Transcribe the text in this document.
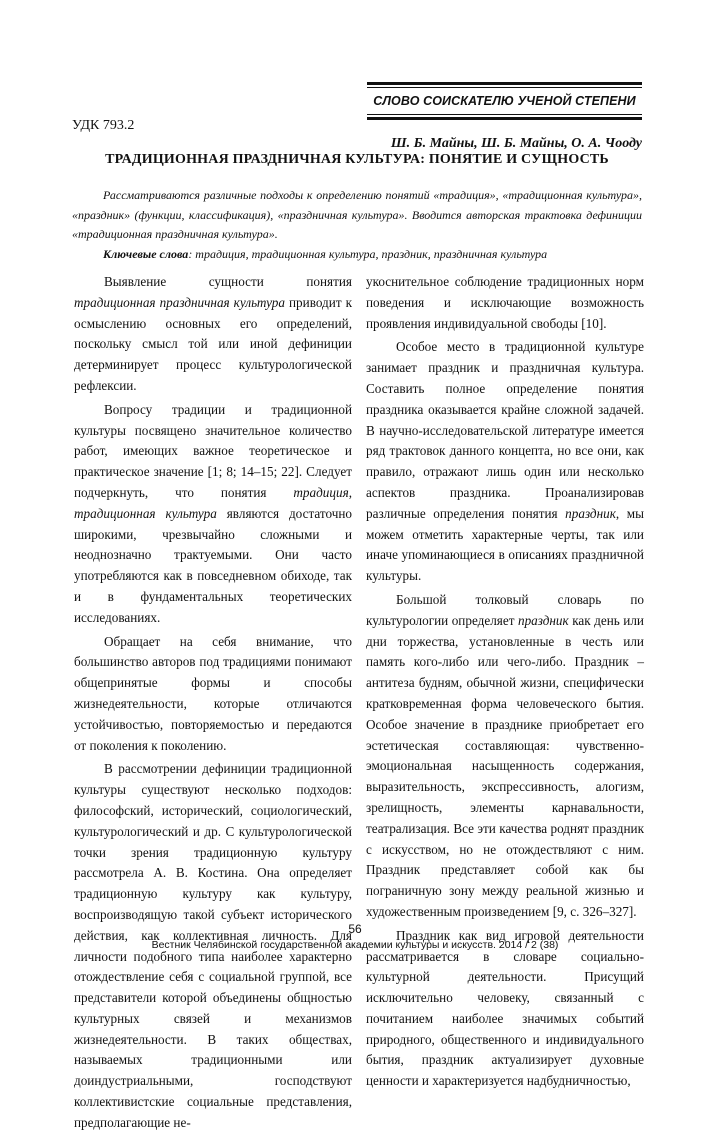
СЛОВО СОИСКАТЕЛЮ УЧЕНОЙ СТЕПЕНИ
УДК 793.2
Ш. Б. Майны, Ш. Б. Майны, О. А. Чооду
ТРАДИЦИОННАЯ ПРАЗДНИЧНАЯ КУЛЬТУРА: ПОНЯТИЕ И СУЩНОСТЬ

Рассматриваются различные подходы к определению понятий «традиция», «традиционная культура», «праздник» (функции, классификация), «праздничная культура». Вводится авторская трактовка дефиниции «традиционная праздничная культура».

Ключевые слова: традиция, традиционная культура, праздник, праздничная культура

Выявление сущности понятия традиционная праздничная культура приводит к осмыслению основных его определений, поскольку смысл той или иной дефиниции детерминирует процесс культурологической рефлексии.

Вопросу традиции и традиционной культуры посвящено значительное количество работ, имеющих важное теоретическое и практическое значение [1; 8; 14–15; 22]. Следует подчеркнуть, что понятия традиция, традиционная культура являются достаточно широкими, чрезвычайно сложными и неоднозначно трактуемыми. Они часто употребляются как в повседневном обиходе, так и в фундаментальных теоретических исследованиях.

Обращает на себя внимание, что большинство авторов под традициями понимают общепринятые формы и способы жизнедеятельности, которые отличаются устойчивостью, повторяемостью и передаются от поколения к поколению.

В рассмотрении дефиниции традиционной культуры существуют несколько подходов: философский, исторический, социологический, культурологический и др. С культурологической точки зрения традиционную культуру рассмотрела А. В. Костина. Она определяет традиционную культуру как культуру, воспроизводящую такой субъект исторического действия, как коллективная личность. Для личности подобного типа наиболее характерно отождествление себя с социальной группой, все представители которой объединены общностью культурных связей и механизмов жизнедеятельности. В таких обществах, называемых традиционными или доиндустриальными, господствуют коллективистские социальные представления, предполагающие не-

укоснительное соблюдение традиционных норм поведения и исключающие возможность проявления индивидуальной свободы [10].

Особое место в традиционной культуре занимает праздник и праздничная культура. Составить полное определение понятия праздника оказывается крайне сложной задачей. В научно-исследовательской литературе имеется ряд трактовок данного концепта, но все они, как правило, отражают лишь один или несколько аспектов праздника. Проанализировав различные определения понятия праздник, мы можем отметить характерные черты, так или иначе упоминающиеся в описаниях праздничной культуры.

Большой толковый словарь по культурологии определяет праздник как день или дни торжества, установленные в честь или память кого-либо или чего-либо. Праздник – антитеза будням, обычной жизни, специфически кратковременная форма человеческого бытия. Особое значение в празднике приобретает его эстетическая составляющая: чувственно-эмоциональная насыщенность содержания, выразительность, экспрессивность, алогизм, зрелищность, элементы карнавальности, театрализация. Все эти качества роднят праздник с искусством, но не отождествляют с ним. Праздник представляет собой как бы пограничную зону между реальной жизнью и художественным произведением [9, с. 326–327].

Праздник как вид игровой деятельности рассматривается в словаре социально-культурной деятельности. Присущий исключительно человеку, связанный с почитанием наиболее значимых событий природного, общественного и индивидуального бытия, праздник актуализирует духовные ценности и характеризуется надбудничностью,

56
Вестник Челябинской государственной академии культуры и искусств. 2014 / 2 (38)
